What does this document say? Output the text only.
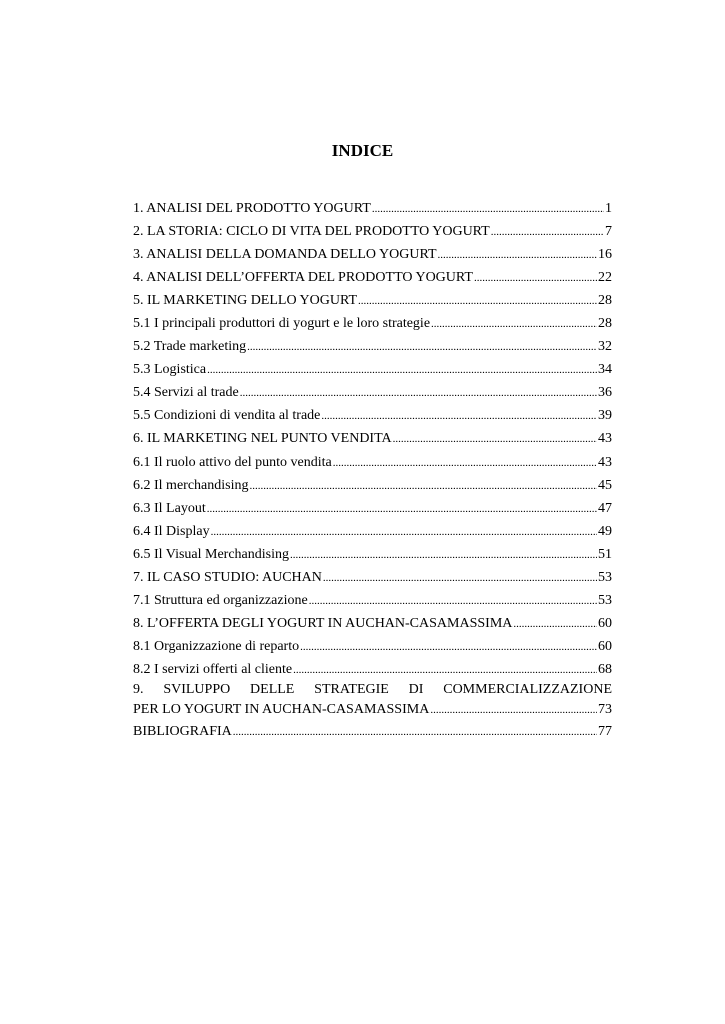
INDICE
1. ANALISI DEL PRODOTTO YOGURT .....	1
2. LA STORIA: CICLO DI VITA DEL PRODOTTO YOGURT .....	7
3. ANALISI DELLA DOMANDA DELLO YOGURT .....	16
4. ANALISI DELL’OFFERTA DEL PRODOTTO YOGURT .....	22
5. IL MARKETING DELLO YOGURT .....	28
5.1 I principali produttori di yogurt e le loro strategie .....	28
5.2 Trade marketing .....	32
5.3 Logistica .....	34
5.4 Servizi al trade .....	36
5.5 Condizioni di vendita al trade .....	39
6. IL MARKETING NEL PUNTO VENDITA .....	43
6.1 Il ruolo attivo del punto vendita .....	43
6.2 Il merchandising .....	45
6.3 Il Layout .....	47
6.4 Il Display .....	49
6.5 Il Visual Merchandising .....	51
7. IL CASO STUDIO: AUCHAN .....	53
7.1 Struttura ed organizzazione .....	53
8. L’OFFERTA DEGLI YOGURT IN AUCHAN-CASAMASSIMA .....	60
8.1 Organizzazione di reparto .....	60
8.2 I servizi offerti al cliente .....	68
9. SVILUPPO DELLE STRATEGIE DI COMMERCIALIZZAZIONE
PER LO YOGURT IN AUCHAN-CASAMASSIMA .....	73
BIBLIOGRAFIA .....	77
